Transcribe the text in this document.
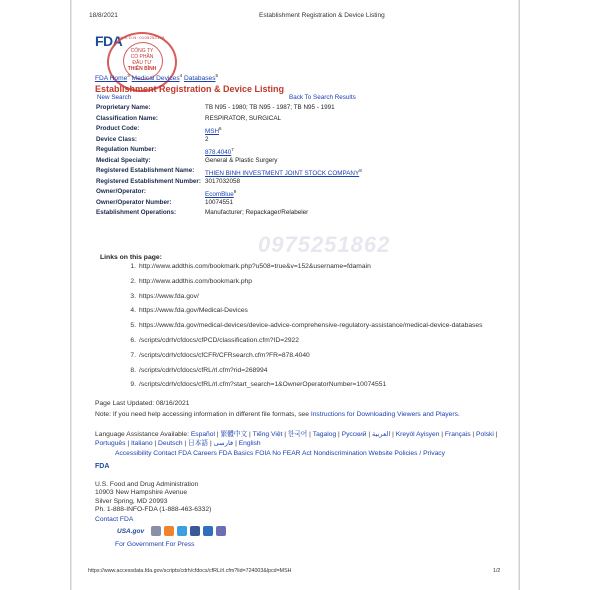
18/8/2021	Establishment Registration & Device Listing
FDA
M.S.D.N: 0105252178
CÔNG TY
CỔ PHẦN
ĐẦU TƯ
THIÊN BÌNH
FDA Home$^3$ Medical Devices$^4$ Databases$^5$
Establishment Registration & Device Listing
New Search	Back To Search Results
Proprietary Name:	TB N95 - 1980; TB N95 - 1987; TB N95 - 1991
Classification Name:	RESPIRATOR, SURGICAL
Product Code:	MSH$^6$
Device Class:	2
Regulation Number:	878.4040$^7$
Medical Specialty:	General & Plastic Surgery
Registered Establishment Name:	THIEN BINH INVESTMENT JOINT STOCK COMPANY$^8$
Registered Establishment Number:	3017032058
Owner/Operator:	EcomBlue$^9$
Owner/Operator Number:	10074551
Establishment Operations:	Manufacturer; Repackager/Relabeler
0975251862
Links on this page:
1. http://www.addthis.com/bookmark.php?u508=true&v=152&username=fdamain
2. http://www.addthis.com/bookmark.php
3. https://www.fda.gov/
4. https://www.fda.gov/Medical-Devices
5. https://www.fda.gov/medical-devices/device-advice-comprehensive-regulatory-assistance/medical-device-databases
6. /scripts/cdrh/cfdocs/cfPCD/classification.cfm?ID=2922
7. /scripts/cdrh/cfdocs/cfCFR/CFRsearch.cfm?FR=878.4040
8. /scripts/cdrh/cfdocs/cfRL/rl.cfm?rid=268994
9. /scripts/cdrh/cfdocs/cfRL/rl.cfm?start_search=1&OwnerOperatorNumber=10074551
Page Last Updated: 08/16/2021
Note: If you need help accessing information in different file formats, see Instructions for Downloading Viewers and Players.
Language Assistance Available: Español | 繁體中文 | Tiếng Việt | 한국어 | Tagalog | Русский | العربية | Kreyòl Ayisyen | Français | Polski | Português | Italiano | Deutsch | 日本語 | فارسی | English
Accessibility Contact FDA Careers FDA Basics FOIA No FEAR Act Nondiscrimination Website Policies / Privacy
FDA
U.S. Food and Drug Administration
10903 New Hampshire Avenue
Silver Spring, MD 20993
Ph. 1-888-INFO-FDA (1-888-463-6332)
Contact FDA
USA.gov
For Government For Press
https://www.accessdata.fda.gov/scripts/cdrh/cfdocs/cfRL/rl.cfm?lid=724003&lpcd=MSH	1/2
